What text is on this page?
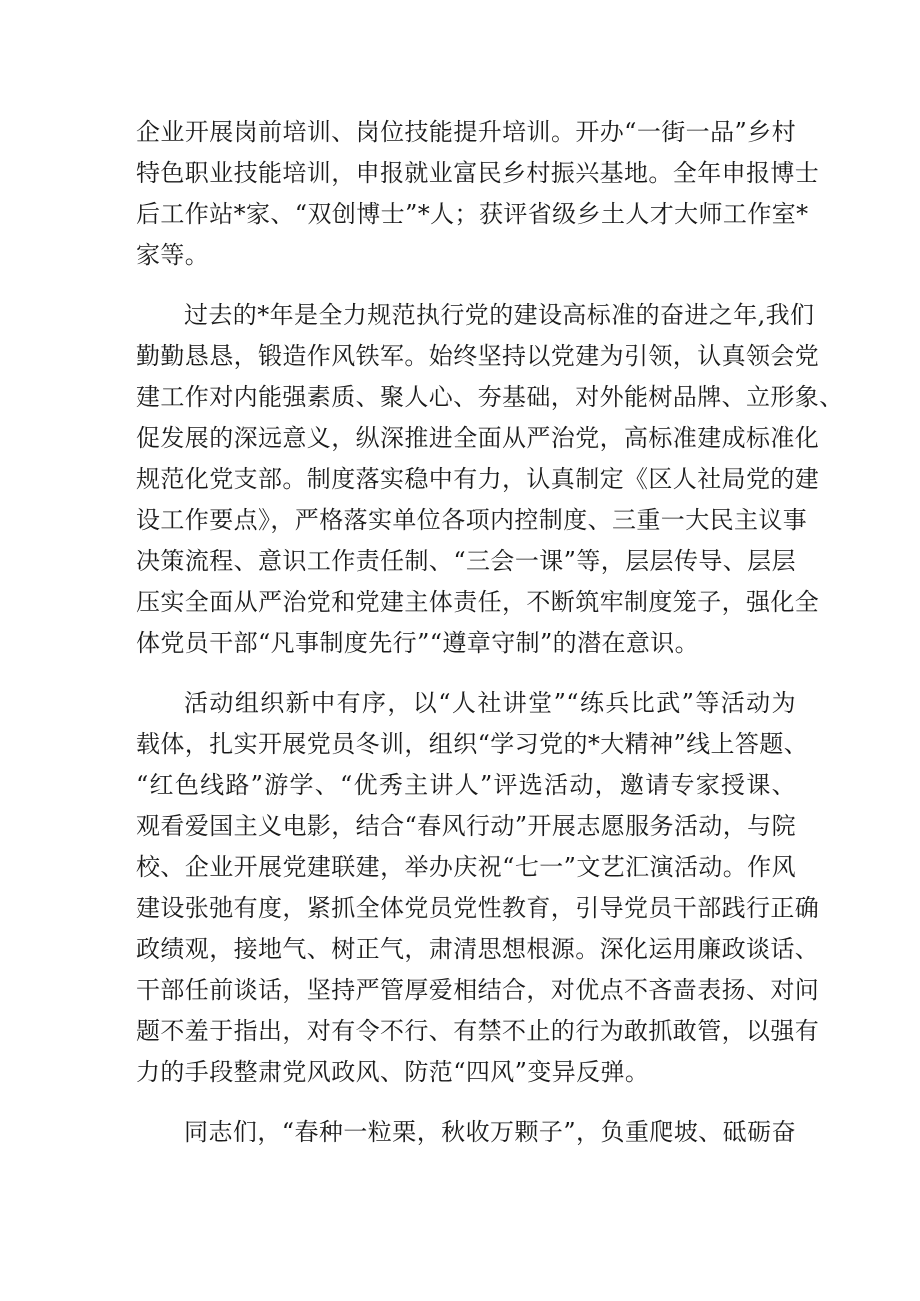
企业开展岗前培训、岗位技能提升培训。开办“一街一品”乡村
特色职业技能培训，申报就业富民乡村振兴基地。全年申报博士
后工作站*家、“双创博士”*人；获评省级乡土人才大师工作室*
家等。
过去的*年是全力规范执行党的建设高标准的奋进之年,我们
勤勤恳恳，锻造作风铁军。始终坚持以党建为引领，认真领会党
建工作对内能强素质、聚人心、夯基础，对外能树品牌、立形象、
促发展的深远意义，纵深推进全面从严治党，高标准建成标准化
规范化党支部。制度落实稳中有力，认真制定《区人社局党的建
设工作要点》，严格落实单位各项内控制度、三重一大民主议事
决策流程、意识工作责任制、“三会一课”等，层层传导、层层
压实全面从严治党和党建主体责任，不断筑牢制度笼子，强化全
体党员干部“凡事制度先行”“遵章守制”的潜在意识。
活动组织新中有序，以“人社讲堂”“练兵比武”等活动为
载体，扎实开展党员冬训，组织“学习党的*大精神”线上答题、
“红色线路”游学、“优秀主讲人”评选活动，邀请专家授课、
观看爱国主义电影，结合“春风行动”开展志愿服务活动，与院
校、企业开展党建联建，举办庆祝“七一”文艺汇演活动。作风
建设张弛有度，紧抓全体党员党性教育，引导党员干部践行正确
政绩观，接地气、树正气，肃清思想根源。深化运用廉政谈话、
干部任前谈话，坚持严管厚爱相结合，对优点不吝啬表扬、对问
题不羞于指出，对有令不行、有禁不止的行为敢抓敢管，以强有
力的手段整肃党风政风、防范“四风”变异反弹。
同志们，“春种一粒栗，秋收万颗子”，负重爬坡、砥砺奋
